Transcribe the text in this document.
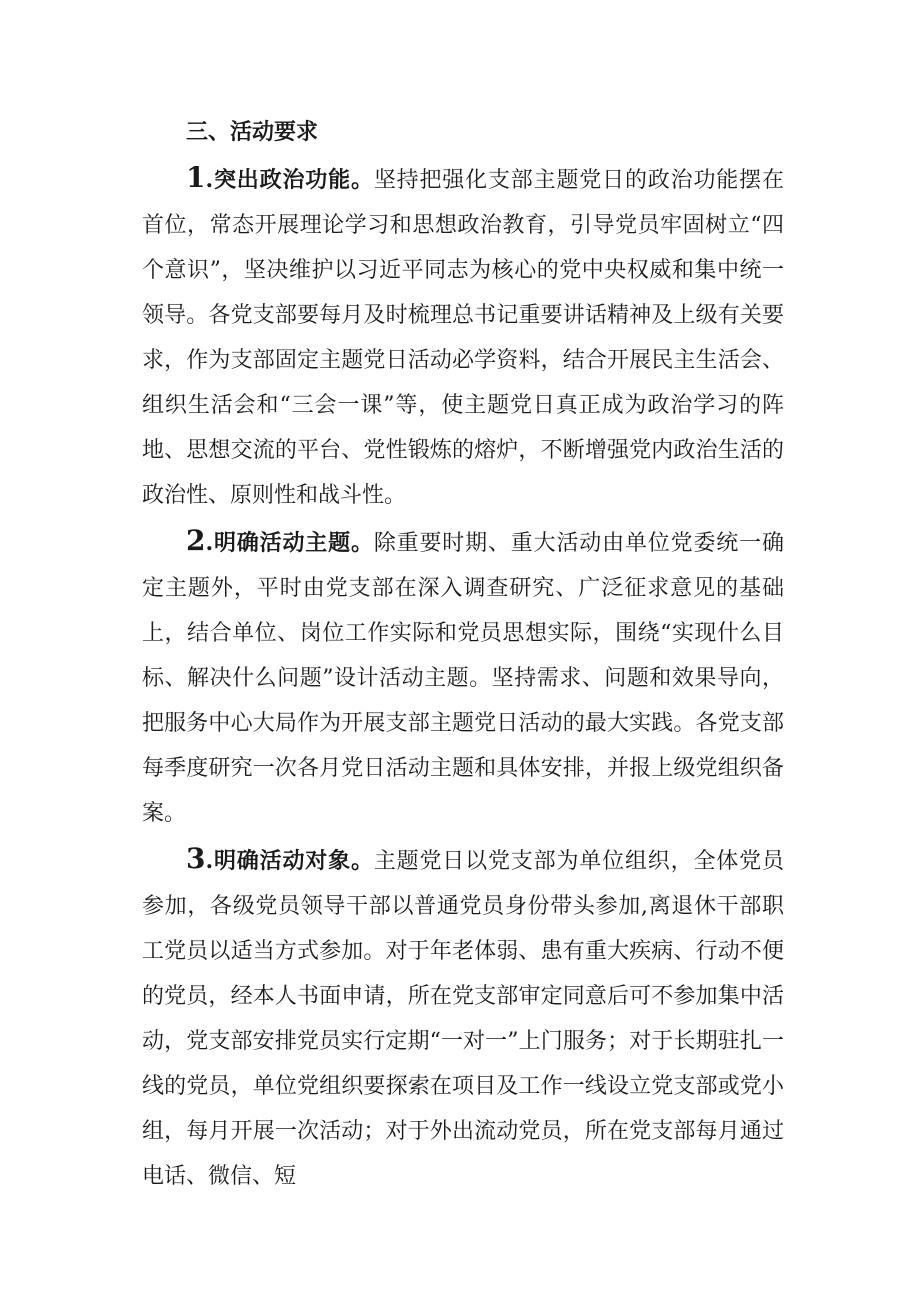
三、活动要求

1.突出政治功能。坚持把强化支部主题党日的政治功能摆在首位，常态开展理论学习和思想政治教育，引导党员牢固树立“四个意识”，坚决维护以习近平同志为核心的党中央权威和集中统一领导。各党支部要每月及时梳理总书记重要讲话精神及上级有关要求，作为支部固定主题党日活动必学资料，结合开展民主生活会、组织生活会和“三会一课”等，使主题党日真正成为政治学习的阵地、思想交流的平台、党性锻炼的熔炉，不断增强党内政治生活的政治性、原则性和战斗性。

2.明确活动主题。除重要时期、重大活动由单位党委统一确定主题外，平时由党支部在深入调查研究、广泛征求意见的基础上，结合单位、岗位工作实际和党员思想实际，围绕“实现什么目标、解决什么问题”设计活动主题。坚持需求、问题和效果导向，把服务中心大局作为开展支部主题党日活动的最大实践。各党支部每季度研究一次各月党日活动主题和具体安排，并报上级党组织备案。

3.明确活动对象。主题党日以党支部为单位组织，全体党员参加，各级党员领导干部以普通党员身份带头参加,离退休干部职工党员以适当方式参加。对于年老体弱、患有重大疾病、行动不便的党员，经本人书面申请，所在党支部审定同意后可不参加集中活动，党支部安排党员实行定期“一对一”上门服务；对于长期驻扎一线的党员，单位党组织要探索在项目及工作一线设立党支部或党小组，每月开展一次活动；对于外出流动党员，所在党支部每月通过电话、微信、短
